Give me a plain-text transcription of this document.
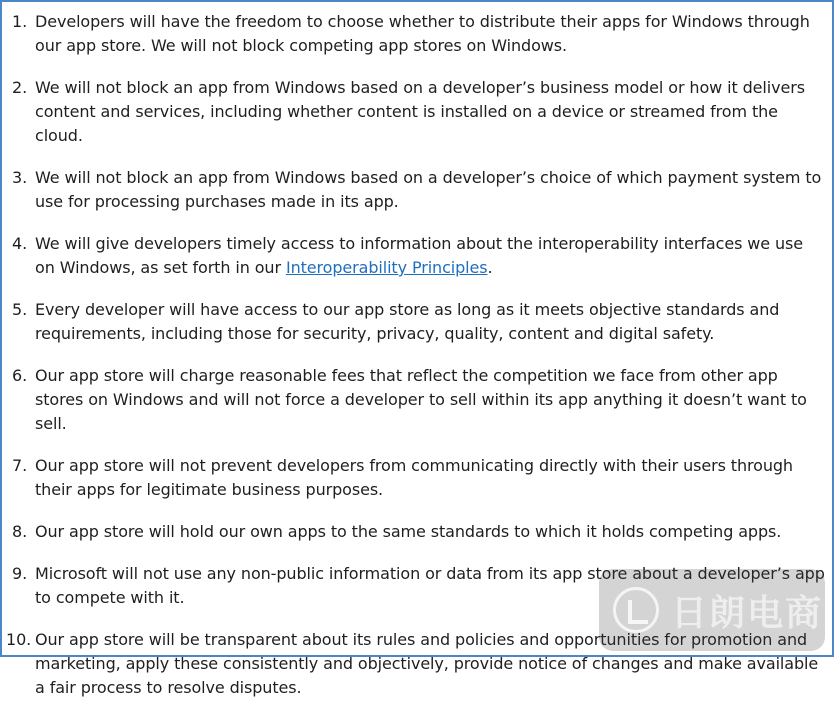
1. Developers will have the freedom to choose whether to distribute their apps for Windows through our app store. We will not block competing app stores on Windows.
2. We will not block an app from Windows based on a developer’s business model or how it delivers content and services, including whether content is installed on a device or streamed from the cloud.
3. We will not block an app from Windows based on a developer’s choice of which payment system to use for processing purchases made in its app.
4. We will give developers timely access to information about the interoperability interfaces we use on Windows, as set forth in our Interoperability Principles.
5. Every developer will have access to our app store as long as it meets objective standards and requirements, including those for security, privacy, quality, content and digital safety.
6. Our app store will charge reasonable fees that reflect the competition we face from other app stores on Windows and will not force a developer to sell within its app anything it doesn’t want to sell.
7. Our app store will not prevent developers from communicating directly with their users through their apps for legitimate business purposes.
8. Our app store will hold our own apps to the same standards to which it holds competing apps.
9. Microsoft will not use any non-public information or data from its app store about a developer’s app to compete with it.
10. Our app store will be transparent about its rules and policies and opportunities for promotion and marketing, apply these consistently and objectively, provide notice of changes and make available a fair process to resolve disputes.
日朗电商
